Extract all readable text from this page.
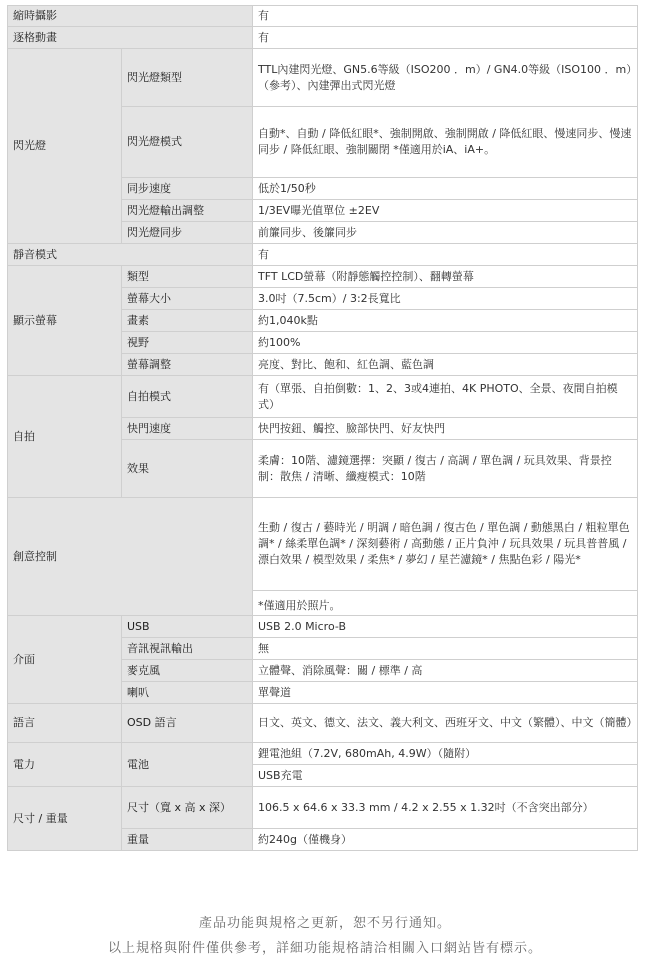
縮時攝影		有
逐格動畫		有
閃光燈	閃光燈類型	TTL內建閃光燈、GN5.6等級（ISO200 ．m）/ GN4.0等級（ISO100 ．m）（參考）、內建彈出式閃光燈
	閃光燈模式	自動*、自動 / 降低紅眼*、強制開啟、強制開啟 / 降低紅眼、慢速同步、慢速同步 / 降低紅眼、強制關閉 *僅適用於iA、iA+。
	同步速度	低於1/50秒
	閃光燈輸出調整	1/3EV曝光值單位 ±2EV
	閃光燈同步	前簾同步、後簾同步
靜音模式		有
顯示螢幕	類型	TFT LCD螢幕（附靜態觸控控制）、翻轉螢幕
	螢幕大小	3.0吋（7.5cm）/ 3:2長寬比
	畫素	約1,040k點
	視野	約100%
	螢幕調整	亮度、對比、飽和、紅色調、藍色調
自拍	自拍模式	有（單張、自拍倒數：1、2、3或4連拍、4K PHOTO、全景、夜間自拍模式）
	快門速度	快門按鈕、觸控、臉部快門、好友快門
	效果	柔膚：10階、濾鏡選擇：突顯 / 復古 / 高調 / 單色調 / 玩具效果、背景控制：散焦 / 清晰、纖瘦模式：10階
創意控制		生動 / 復古 / 藝時光 / 明調 / 暗色調 / 復古色 / 單色調 / 動態黑白 / 粗粒單色調* / 絲柔單色調* / 深刻藝術 / 高動態 / 正片負沖 / 玩具效果 / 玩具普普風 / 漂白效果 / 模型效果 / 柔焦* / 夢幻 / 星芒濾鏡* / 焦點色彩 / 陽光*
		*僅適用於照片。
介面	USB	USB 2.0 Micro-B
	音訊視訊輸出	無
	麥克風	立體聲、消除風聲：關 / 標準 / 高
	喇叭	單聲道
語言	OSD 語言	日文、英文、德文、法文、義大利文、西班牙文、中文（繁體）、中文（簡體）
電力	電池	鋰電池組（7.2V, 680mAh, 4.9W）（隨附）
		USB充電
尺寸 / 重量	尺寸（寬 x 高 x 深）	106.5 x 64.6 x 33.3 mm / 4.2 x 2.55 x 1.32吋（不含突出部分）
	重量	約240g（僅機身）
產品功能與規格之更新，恕不另行通知。
以上規格與附件僅供參考，詳細功能規格請洽相關入口網站皆有標示。
